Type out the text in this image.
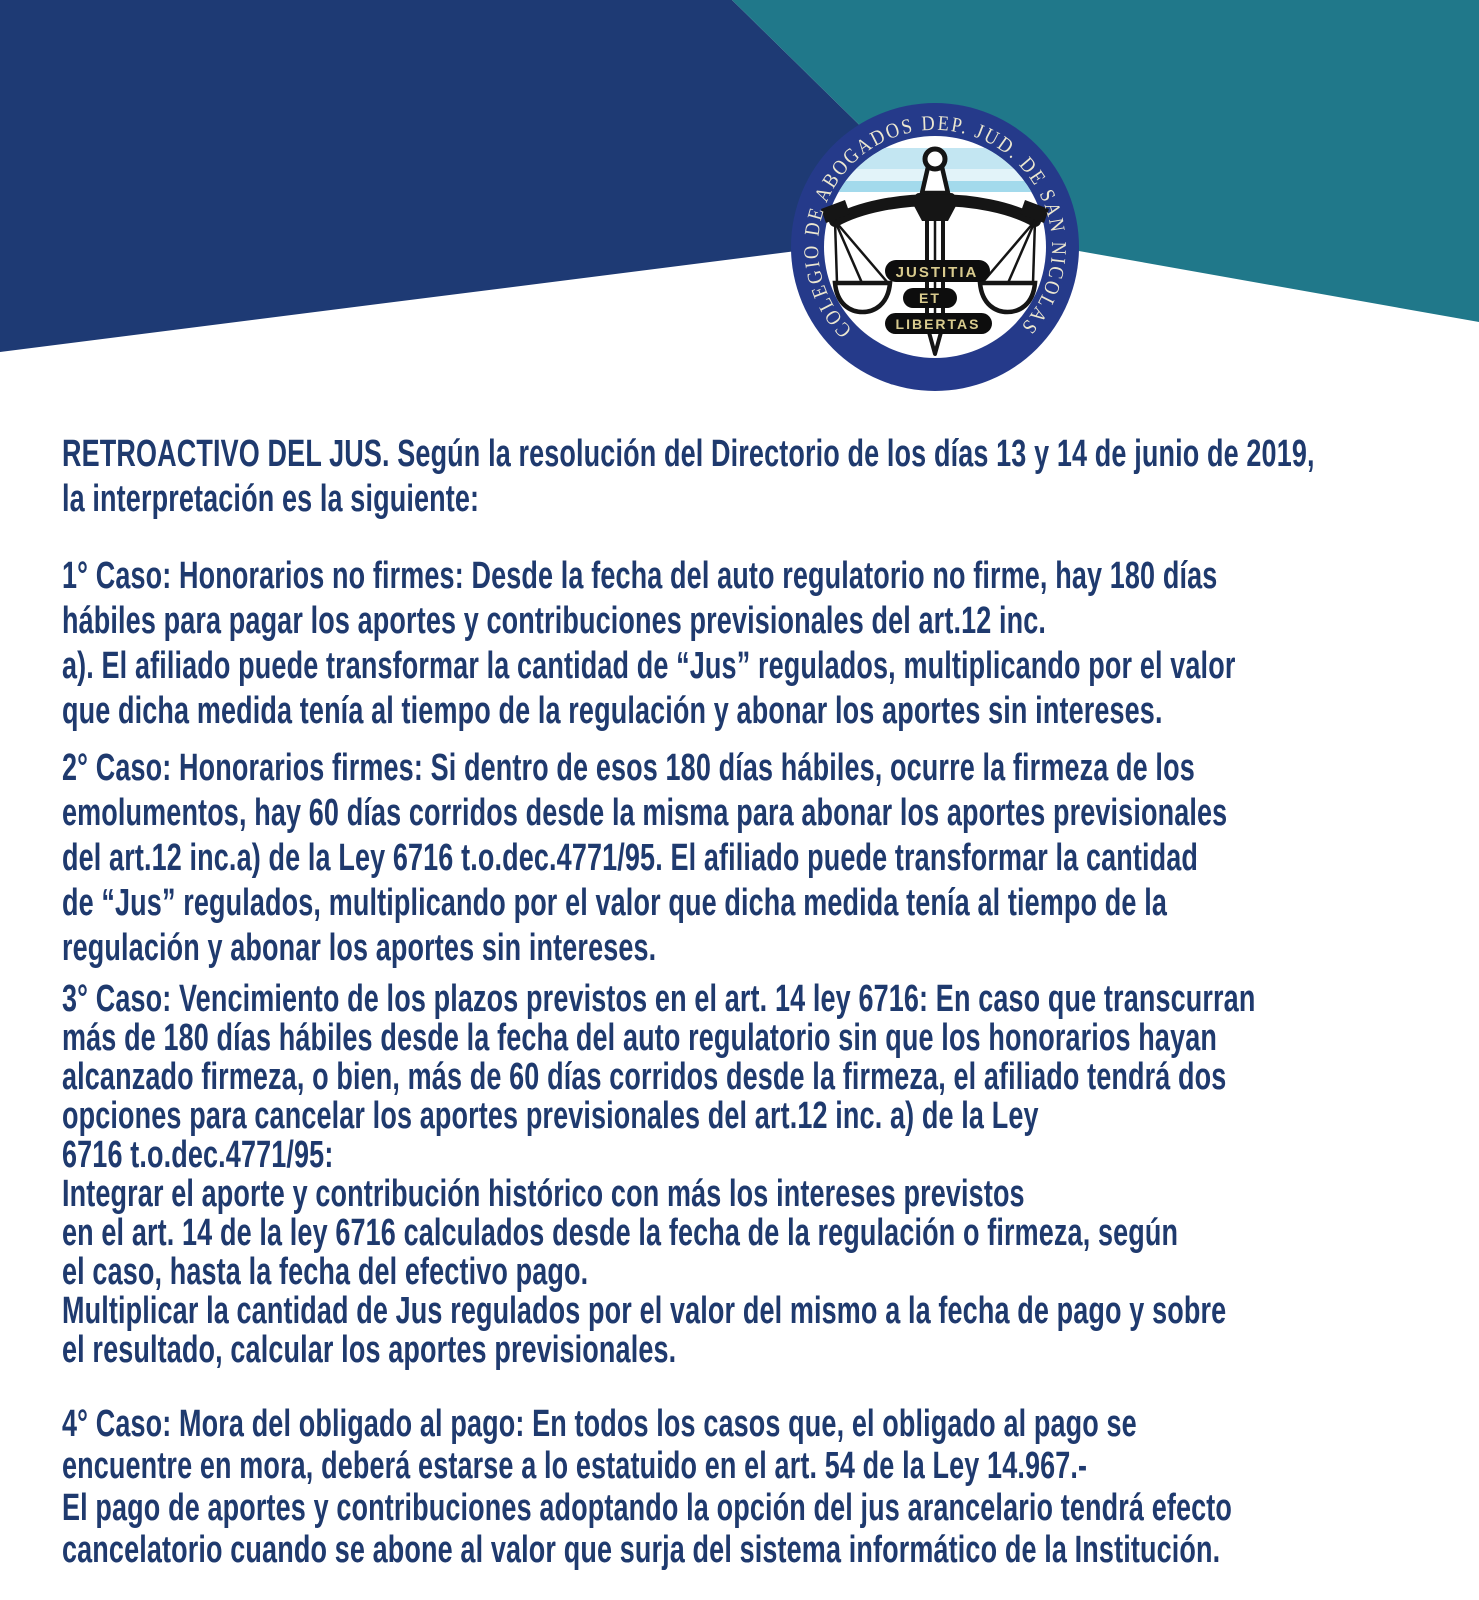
JUSTITIA
ET
LIBERTAS
COLEGIO DE ABOGADOS DEP. JUD. DE SAN NICOLAS
RETROACTIVO DEL JUS. Según la resolución del Directorio de los días 13 y 14 de junio de 2019,
la interpretación es la siguiente:
1° Caso: Honorarios no firmes: Desde la fecha del auto regulatorio no firme, hay 180 días
hábiles para pagar los aportes y contribuciones previsionales del art.12 inc.
a). El afiliado puede transformar la cantidad de “Jus” regulados, multiplicando por el valor
que dicha medida tenía al tiempo de la regulación y abonar los aportes sin intereses.
2° Caso: Honorarios firmes: Si dentro de esos 180 días hábiles, ocurre la firmeza de los
emolumentos, hay 60 días corridos desde la misma para abonar los aportes previsionales
del art.12 inc.a) de la Ley 6716 t.o.dec.4771/95. El afiliado puede transformar la cantidad
de “Jus” regulados, multiplicando por el valor que dicha medida tenía al tiempo de la
regulación y abonar los aportes sin intereses.
3° Caso: Vencimiento de los plazos previstos en el art. 14 ley 6716: En caso que transcurran
más de 180 días hábiles desde la fecha del auto regulatorio sin que los honorarios hayan
alcanzado firmeza, o bien, más de 60 días corridos desde la firmeza, el afiliado tendrá dos
opciones para cancelar los aportes previsionales del art.12 inc. a) de la Ley
6716 t.o.dec.4771/95:
Integrar el aporte y contribución histórico con más los intereses previstos
en el art. 14 de la ley 6716 calculados desde la fecha de la regulación o firmeza, según
el caso, hasta la fecha del efectivo pago.
Multiplicar la cantidad de Jus regulados por el valor del mismo a la fecha de pago y sobre
el resultado, calcular los aportes previsionales.
4° Caso: Mora del obligado al pago: En todos los casos que, el obligado al pago se
encuentre en mora, deberá estarse a lo estatuido en el art. 54 de la Ley 14.967.-
El pago de aportes y contribuciones adoptando la opción del jus arancelario tendrá efecto
cancelatorio cuando se abone al valor que surja del sistema informático de la Institución.
